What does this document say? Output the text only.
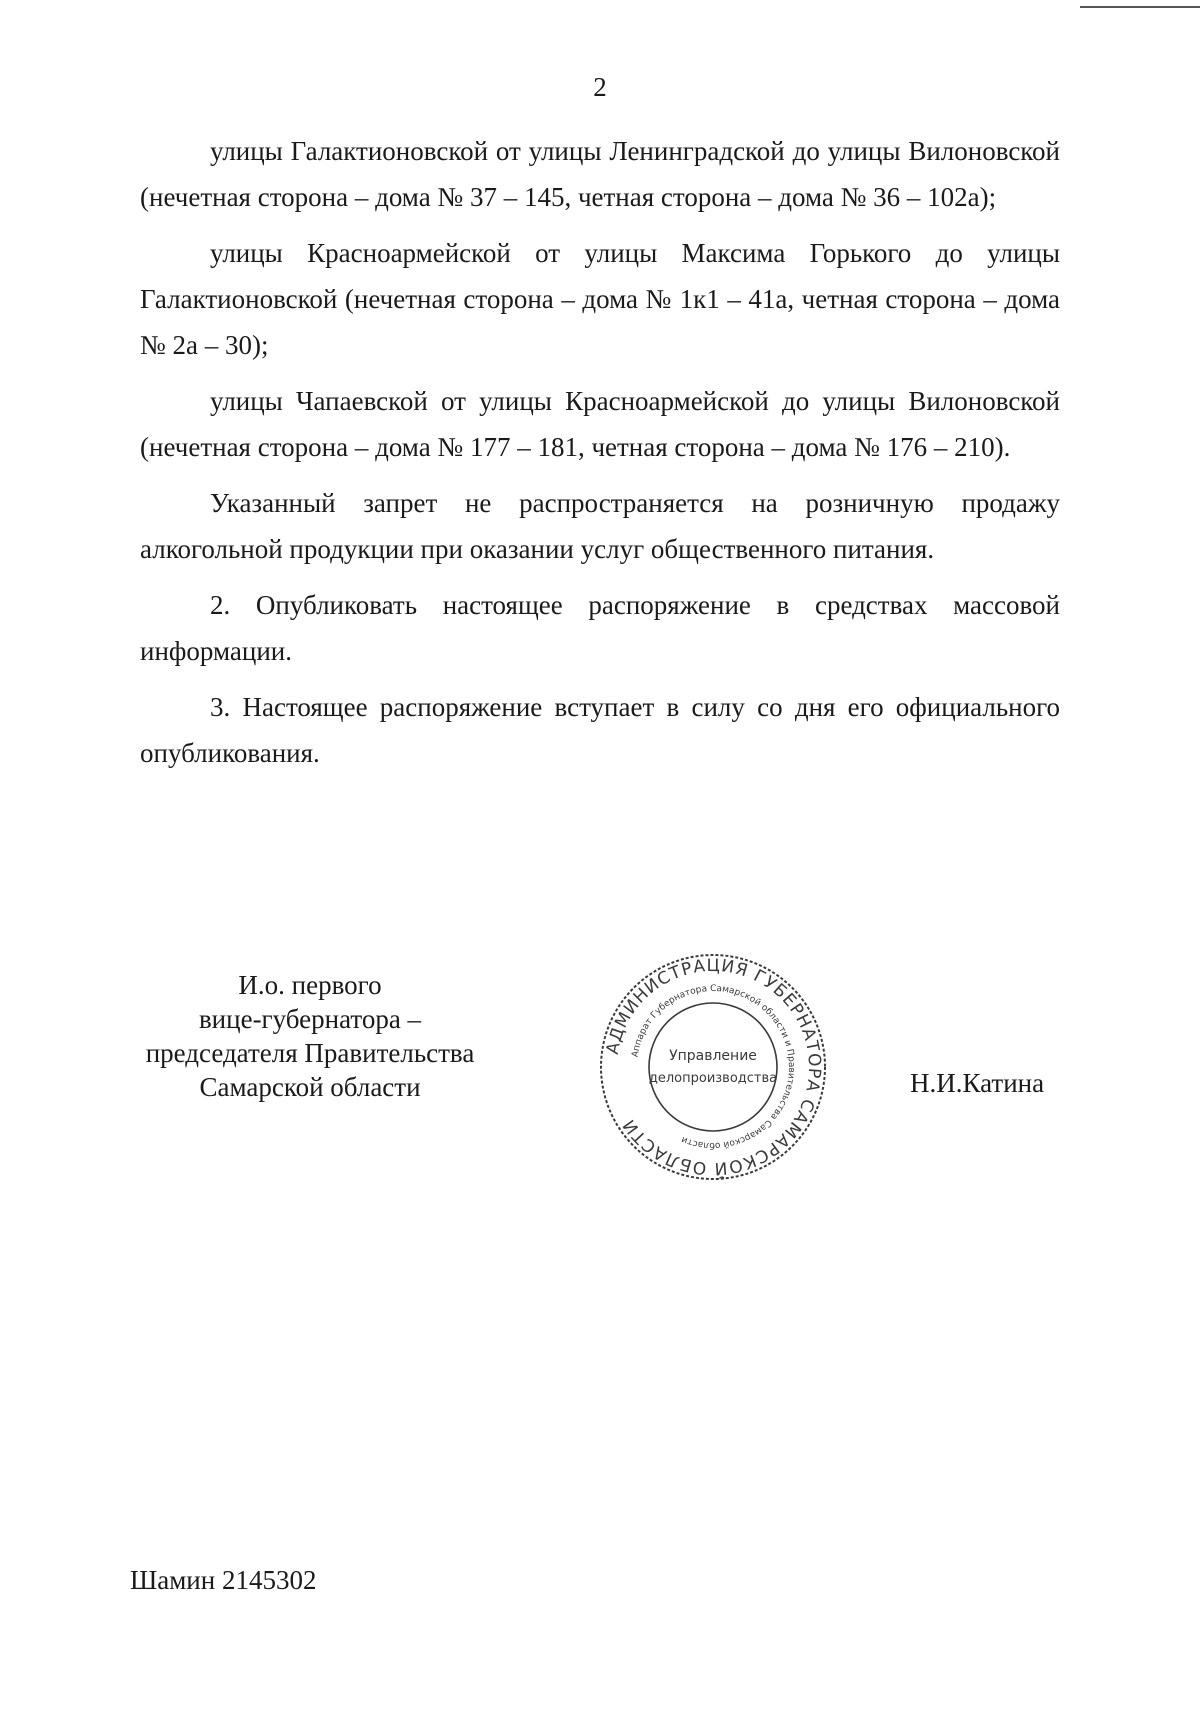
2

улицы Галактионовской от улицы Ленинградской до улицы Вилоновской (нечетная сторона – дома № 37 – 145, четная сторона – дома № 36 – 102а);

улицы Красноармейской от улицы Максима Горького до улицы Галактионовской (нечетная сторона – дома № 1к1 – 41а, четная сторона – дома № 2а – 30);

улицы Чапаевской от улицы Красноармейской до улицы Вилоновской (нечетная сторона – дома № 177 – 181, четная сторона – дома № 176 – 210).

Указанный запрет не распространяется на розничную продажу алкогольной продукции при оказании услуг общественного питания.

2. Опубликовать настоящее распоряжение в средствах массовой информации.

3. Настоящее распоряжение вступает в силу со дня его официального опубликования.

И.о. первого
вице-губернатора –
председателя Правительства
Самарской области
АДМИНИСТРАЦИЯ ГУБЕРНАТОРА САМАРСКОЙ ОБЛАСТИ
Аппарат Губернатора Самарской области и Правительства Самарской области
Управление
делопроизводства	Н.И.Катина
Шамин 2145302
